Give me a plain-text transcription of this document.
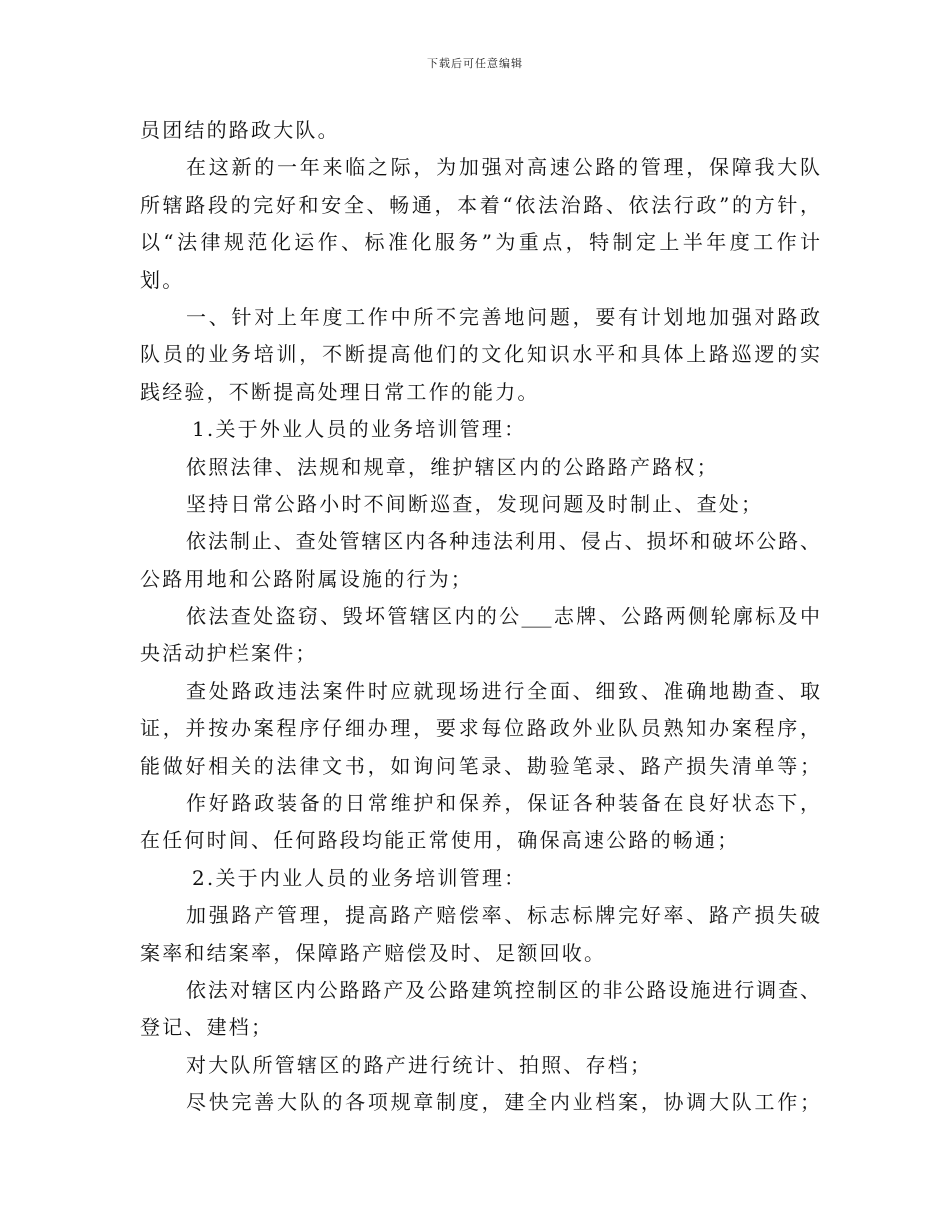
下载后可任意编辑
员团结的路政大队。
在这新的一年来临之际，为加强对高速公路的管理，保障我大队
所辖路段的完好和安全、畅通，本着“依法治路、依法行政”的方针，
以“法律规范化运作、标准化服务”为重点，特制定上半年度工作计
划。
一、针对上年度工作中所不完善地问题，要有计划地加强对路政
队员的业务培训，不断提高他们的文化知识水平和具体上路巡逻的实
践经验，不断提高处理日常工作的能力。
1.关于外业人员的业务培训管理：
依照法律、法规和规章，维护辖区内的公路路产路权；
坚持日常公路小时不间断巡查，发现问题及时制止、查处；
依法制止、查处管辖区内各种违法利用、侵占、损坏和破坏公路、
公路用地和公路附属设施的行为；
依法查处盗窃、毁坏管辖区内的公___志牌、公路两侧轮廓标及中
央活动护栏案件；
查处路政违法案件时应就现场进行全面、细致、准确地勘查、取
证，并按办案程序仔细办理，要求每位路政外业队员熟知办案程序，
能做好相关的法律文书，如询问笔录、勘验笔录、路产损失清单等；
作好路政装备的日常维护和保养，保证各种装备在良好状态下，
在任何时间、任何路段均能正常使用，确保高速公路的畅通；
2.关于内业人员的业务培训管理：
加强路产管理，提高路产赔偿率、标志标牌完好率、路产损失破
案率和结案率，保障路产赔偿及时、足额回收。
依法对辖区内公路路产及公路建筑控制区的非公路设施进行调查、
登记、建档；
对大队所管辖区的路产进行统计、拍照、存档；
尽快完善大队的各项规章制度，建全内业档案，协调大队工作；
